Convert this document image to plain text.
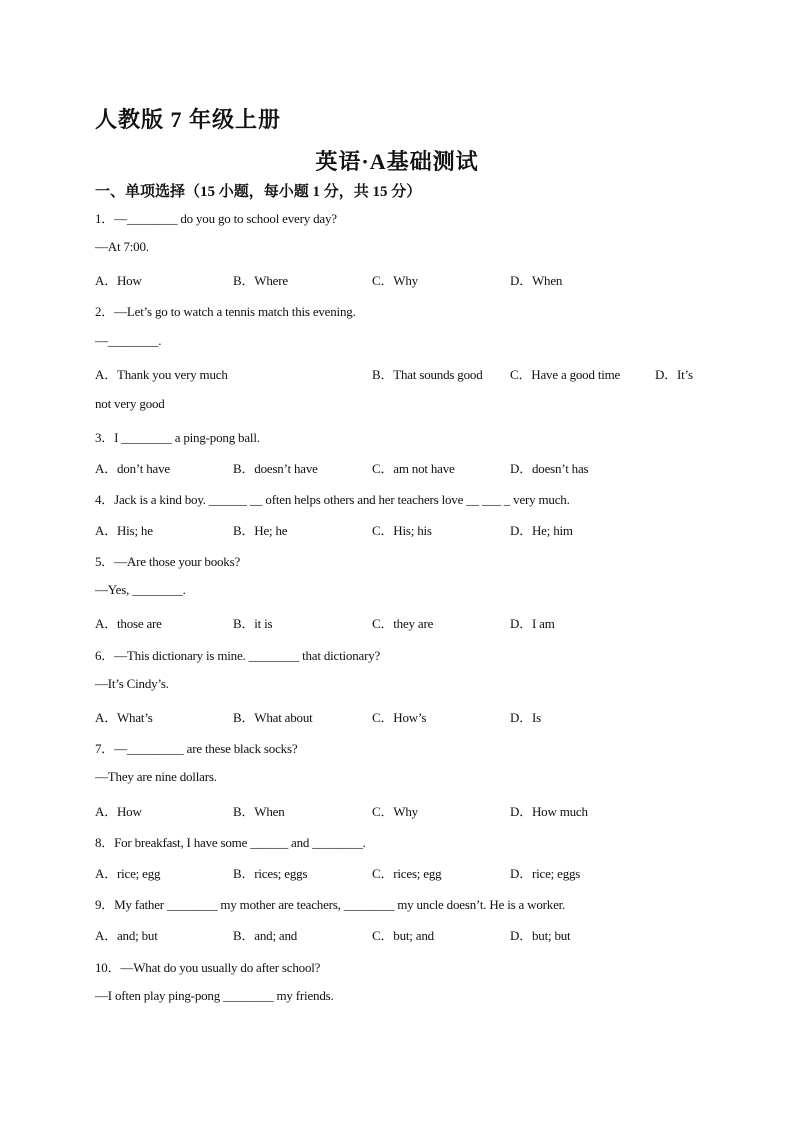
人教版 7 年级上册
英语·A基础测试
一、单项选择（15 小题，每小题 1 分，共 15 分）
1．—________ do you go to school every day?
—At 7:00.
A．How	B．Where	C．Why	D．When
2．—Let’s go to watch a tennis match this evening.
—________.
A．Thank you very much	B．That sounds good C．Have a good time	D．It’s
not very good
3．I ________ a ping-pong ball.
A．don’t have	B．doesn’t have	C．am not have	D．doesn’t has
4．Jack is a kind boy. ______ __ often helps others and her teachers love __ ___ _ very much.
A．His; he	B．He; he	C．His; his	D．He; him
5．—Are those your books?
—Yes, ________.
A．those are	B．it is	C．they are	D．I am
6．—This dictionary is mine. ________ that dictionary?
—It’s Cindy’s.
A．What’s	B．What about	C．How’s	D．Is
7．—_________ are these black socks?
—They are nine dollars.
A．How	B．When	C．Why	D．How much
8．For breakfast, I have some ______ and ________.
A．rice; egg	B．rices; eggs	C．rices; egg	D．rice; eggs
9．My father ________ my mother are teachers, ________ my uncle doesn’t. He is a worker.
A．and; but	B．and; and	C．but; and	D．but; but
10．—What do you usually do after school?
—I often play ping-pong ________ my friends.
